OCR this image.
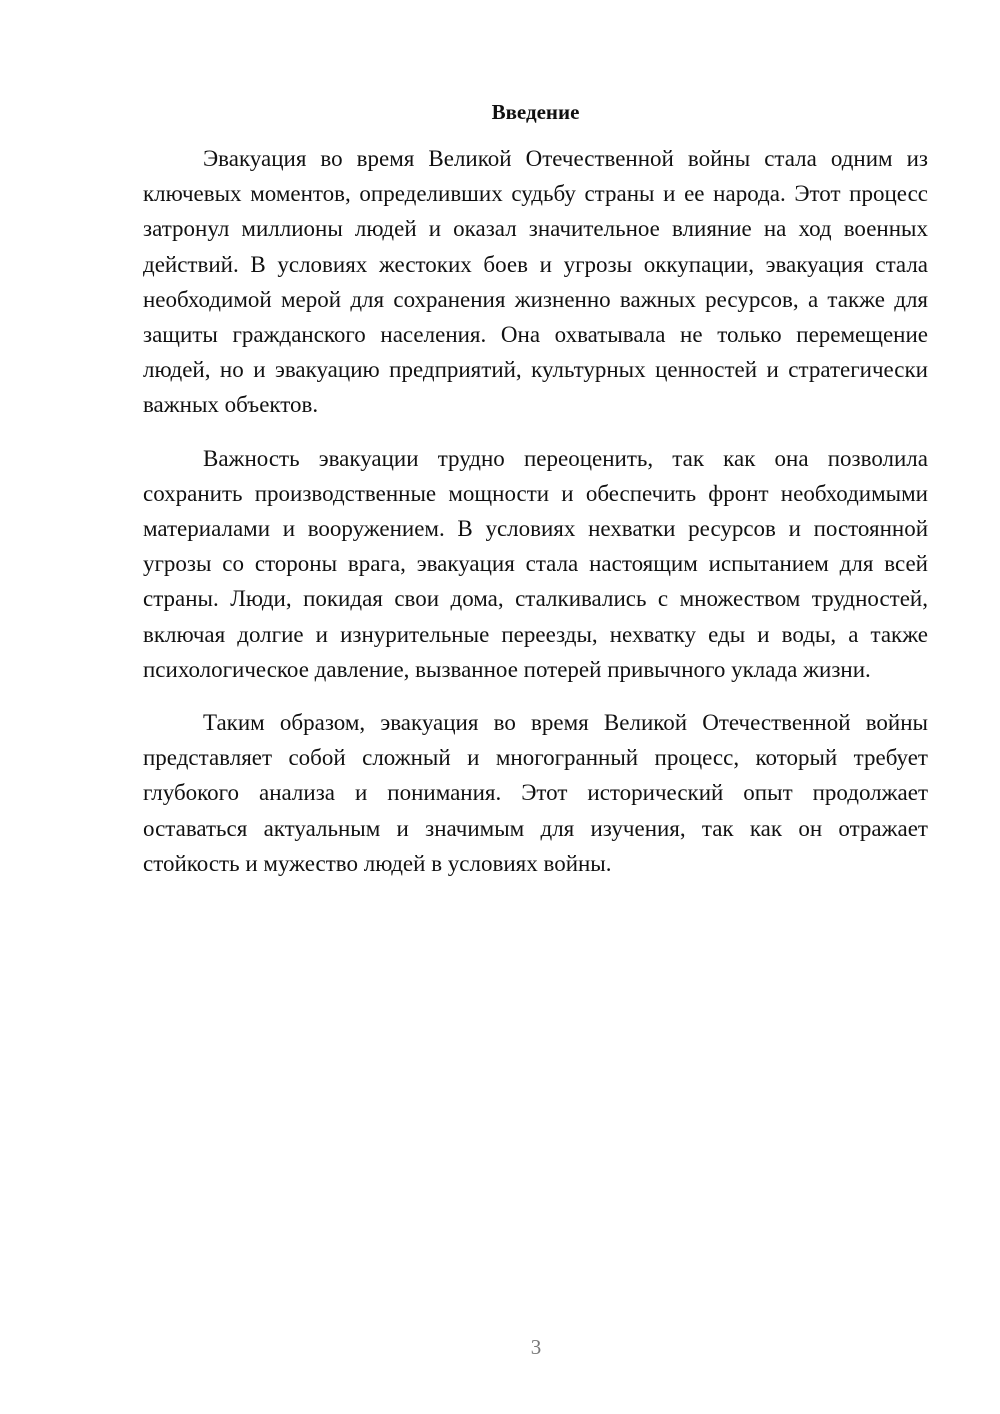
Введение

Эвакуация во время Великой Отечественной войны стала одним из ключевых моментов, определивших судьбу страны и ее народа. Этот процесс затронул миллионы людей и оказал значительное влияние на ход военных действий. В условиях жестоких боев и угрозы оккупации, эвакуация стала необходимой мерой для сохранения жизненно важных ресурсов, а также для защиты гражданского населения. Она охватывала не только перемещение людей, но и эвакуацию предприятий, культурных ценностей и стратегически важных объектов.

Важность эвакуации трудно переоценить, так как она позволила сохранить производственные мощности и обеспечить фронт необходимыми материалами и вооружением. В условиях нехватки ресурсов и постоянной угрозы со стороны врага, эвакуация стала настоящим испытанием для всей страны. Люди, покидая свои дома, сталкивались с множеством трудностей, включая долгие и изнурительные переезды, нехватку еды и воды, а также психологическое давление, вызванное потерей привычного уклада жизни.

Таким образом, эвакуация во время Великой Отечественной войны представляет собой сложный и многогранный процесс, который требует глубокого анализа и понимания. Этот исторический опыт продолжает оставаться актуальным и значимым для изучения, так как он отражает стойкость и мужество людей в условиях войны.

3
